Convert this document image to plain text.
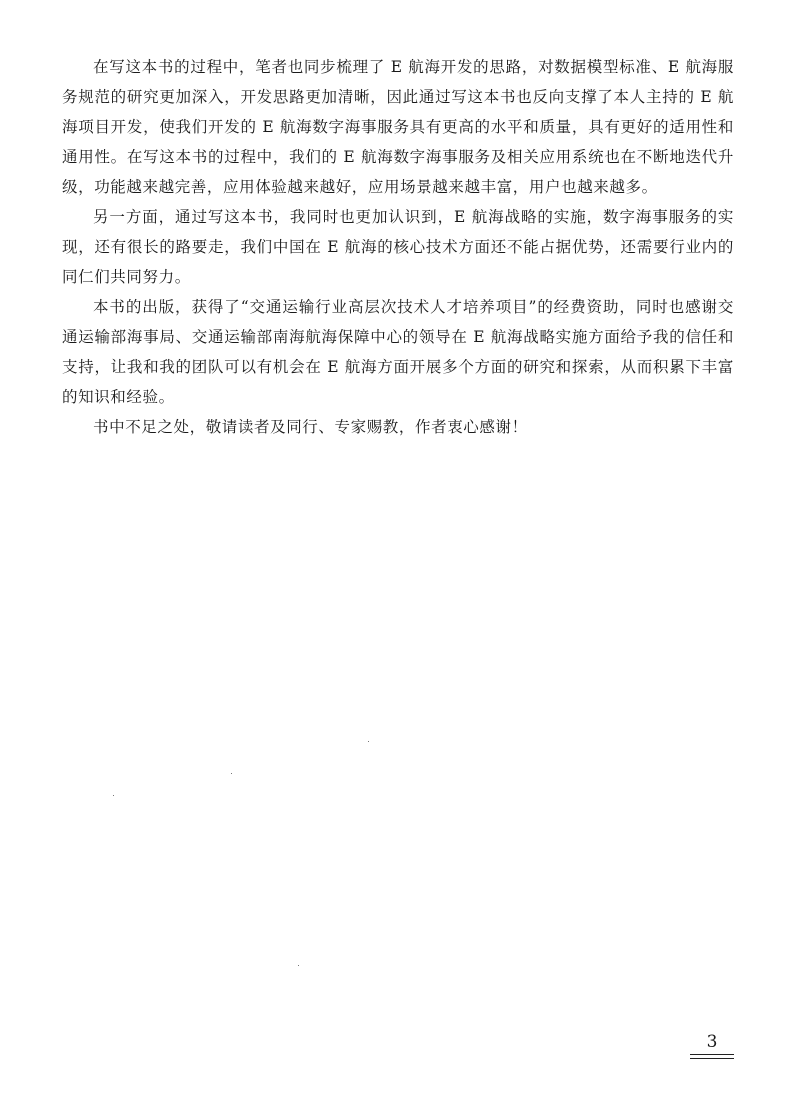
在写这本书的过程中，笔者也同步梳理了 E 航海开发的思路，对数据模型标准、E 航海服务规范的研究更加深入，开发思路更加清晰，因此通过写这本书也反向支撑了本人主持的 E 航海项目开发，使我们开发的 E 航海数字海事服务具有更高的水平和质量，具有更好的适用性和通用性。在写这本书的过程中，我们的 E 航海数字海事服务及相关应用系统也在不断地迭代升级，功能越来越完善，应用体验越来越好，应用场景越来越丰富，用户也越来越多。

另一方面，通过写这本书，我同时也更加认识到，E 航海战略的实施，数字海事服务的实现，还有很长的路要走，我们中国在 E 航海的核心技术方面还不能占据优势，还需要行业内的同仁们共同努力。

本书的出版，获得了“交通运输行业高层次技术人才培养项目”的经费资助，同时也感谢交通运输部海事局、交通运输部南海航海保障中心的领导在 E 航海战略实施方面给予我的信任和支持，让我和我的团队可以有机会在 E 航海方面开展多个方面的研究和探索，从而积累下丰富的知识和经验。

书中不足之处，敬请读者及同行、专家赐教，作者衷心感谢！

3
